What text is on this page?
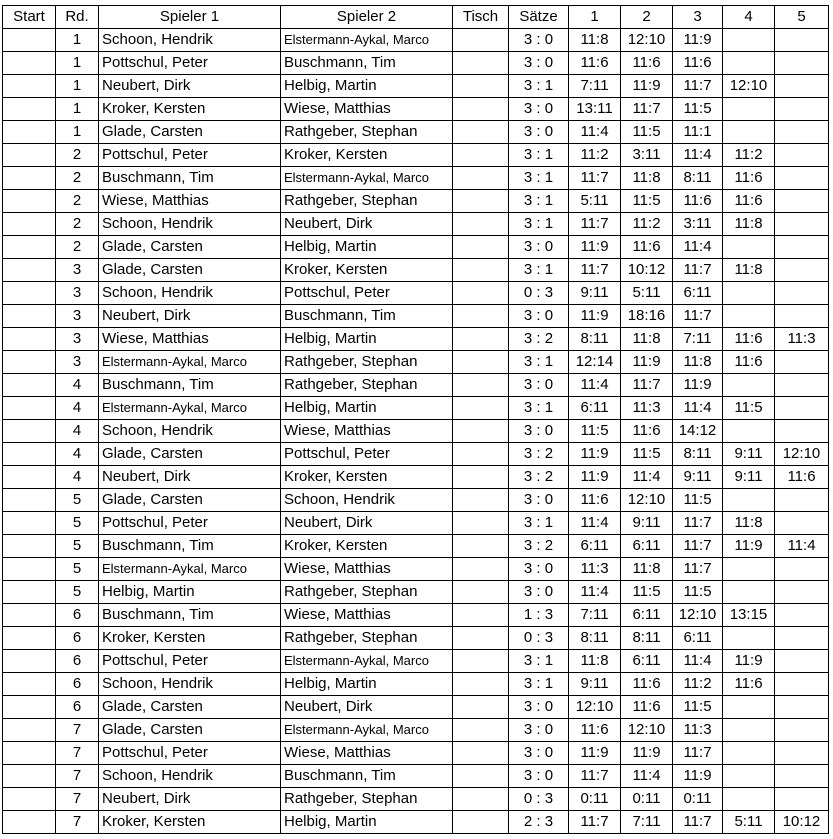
Start	Rd.	Spieler 1	Spieler 2	Tisch	Sätze	1	2	3	4	5
	1	Schoon, Hendrik	Elstermann-Aykal, Marco		3 : 0	11:8	12:10	11:9		
	1	Pottschul, Peter	Buschmann, Tim		3 : 0	11:6	11:6	11:6		
	1	Neubert, Dirk	Helbig, Martin		3 : 1	7:11	11:9	11:7	12:10	
	1	Kroker, Kersten	Wiese, Matthias		3 : 0	13:11	11:7	11:5		
	1	Glade, Carsten	Rathgeber, Stephan		3 : 0	11:4	11:5	11:1		
	2	Pottschul, Peter	Kroker, Kersten		3 : 1	11:2	3:11	11:4	11:2	
	2	Buschmann, Tim	Elstermann-Aykal, Marco		3 : 1	11:7	11:8	8:11	11:6	
	2	Wiese, Matthias	Rathgeber, Stephan		3 : 1	5:11	11:5	11:6	11:6	
	2	Schoon, Hendrik	Neubert, Dirk		3 : 1	11:7	11:2	3:11	11:8	
	2	Glade, Carsten	Helbig, Martin		3 : 0	11:9	11:6	11:4		
	3	Glade, Carsten	Kroker, Kersten		3 : 1	11:7	10:12	11:7	11:8	
	3	Schoon, Hendrik	Pottschul, Peter		0 : 3	9:11	5:11	6:11		
	3	Neubert, Dirk	Buschmann, Tim		3 : 0	11:9	18:16	11:7		
	3	Wiese, Matthias	Helbig, Martin		3 : 2	8:11	11:8	7:11	11:6	11:3
	3	Elstermann-Aykal, Marco	Rathgeber, Stephan		3 : 1	12:14	11:9	11:8	11:6	
	4	Buschmann, Tim	Rathgeber, Stephan		3 : 0	11:4	11:7	11:9		
	4	Elstermann-Aykal, Marco	Helbig, Martin		3 : 1	6:11	11:3	11:4	11:5	
	4	Schoon, Hendrik	Wiese, Matthias		3 : 0	11:5	11:6	14:12		
	4	Glade, Carsten	Pottschul, Peter		3 : 2	11:9	11:5	8:11	9:11	12:10
	4	Neubert, Dirk	Kroker, Kersten		3 : 2	11:9	11:4	9:11	9:11	11:6
	5	Glade, Carsten	Schoon, Hendrik		3 : 0	11:6	12:10	11:5		
	5	Pottschul, Peter	Neubert, Dirk		3 : 1	11:4	9:11	11:7	11:8	
	5	Buschmann, Tim	Kroker, Kersten		3 : 2	6:11	6:11	11:7	11:9	11:4
	5	Elstermann-Aykal, Marco	Wiese, Matthias		3 : 0	11:3	11:8	11:7		
	5	Helbig, Martin	Rathgeber, Stephan		3 : 0	11:4	11:5	11:5		
	6	Buschmann, Tim	Wiese, Matthias		1 : 3	7:11	6:11	12:10	13:15	
	6	Kroker, Kersten	Rathgeber, Stephan		0 : 3	8:11	8:11	6:11		
	6	Pottschul, Peter	Elstermann-Aykal, Marco		3 : 1	11:8	6:11	11:4	11:9	
	6	Schoon, Hendrik	Helbig, Martin		3 : 1	9:11	11:6	11:2	11:6	
	6	Glade, Carsten	Neubert, Dirk		3 : 0	12:10	11:6	11:5		
	7	Glade, Carsten	Elstermann-Aykal, Marco		3 : 0	11:6	12:10	11:3		
	7	Pottschul, Peter	Wiese, Matthias		3 : 0	11:9	11:9	11:7		
	7	Schoon, Hendrik	Buschmann, Tim		3 : 0	11:7	11:4	11:9		
	7	Neubert, Dirk	Rathgeber, Stephan		0 : 3	0:11	0:11	0:11		
	7	Kroker, Kersten	Helbig, Martin		2 : 3	11:7	7:11	11:7	5:11	10:12
